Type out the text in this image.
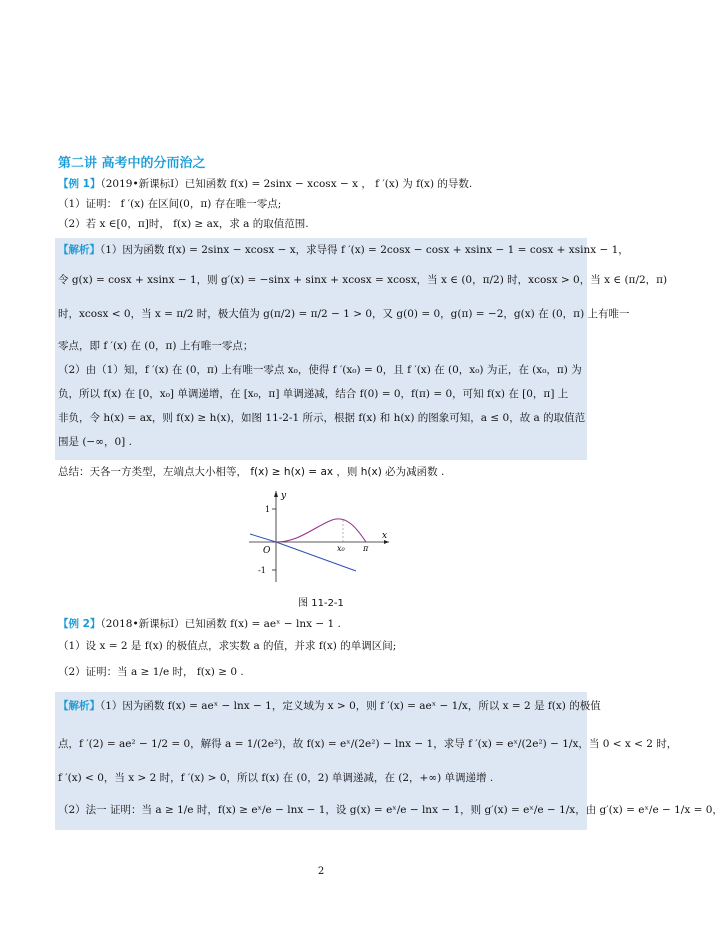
第二讲 高考中的分而治之
【例 1】（2019•新课标Ⅰ）已知函数 f(x) = 2sinx − xcosx − x ， f ′(x) 为 f(x) 的导数.
（1）证明： f ′(x) 在区间(0，π) 存在唯一零点;
（2）若 x ∈[0，π]时， f(x) ≥ ax，求 a 的取值范围.
【解析】（1）因为函数 f(x) = 2sinx − xcosx − x，求导得 f ′(x) = 2cosx − cosx + xsinx − 1 = cosx + xsinx − 1，
令 g(x) = cosx + xsinx − 1，则 g′(x) = −sinx + sinx + xcosx = xcosx，当 x ∈ (0，π/2) 时，xcosx > 0，当 x ∈ (π/2，π)
时，xcosx < 0，当 x = π/2 时，极大值为 g(π/2) = π/2 − 1 > 0，又 g(0) = 0，g(π) = −2，g(x) 在 (0，π) 上有唯一
零点，即 f ′(x) 在 (0，π) 上有唯一零点；
（2）由（1）知，f ′(x) 在 (0，π) 上有唯一零点 x₀，使得 f ′(x₀) = 0，且 f ′(x) 在 (0，x₀) 为正，在 (x₀，π) 为
负，所以 f(x) 在 [0，x₀] 单调递增，在 [x₀，π] 单调递减，结合 f(0) = 0，f(π) = 0，可知 f(x) 在 [0，π] 上
非负，令 h(x) = ax，则 f(x) ≥ h(x)，如图 11-2-1 所示，根据 f(x) 和 h(x) 的图象可知，a ≤ 0，故 a 的取值范
围是 (−∞，0] .
总结：天各一方类型，左端点大小相等， f(x) ≥ h(x) = ax ，则 h(x) 必为减函数 .
y
x
O
1
-1
x₀ π
图 11-2-1
【例 2】（2018•新课标Ⅰ）已知函数 f(x) = aeˣ − lnx − 1 .
（1）设 x = 2 是 f(x) 的极值点，求实数 a 的值，并求 f(x) 的单调区间;
（2）证明：当 a ≥ 1/e 时， f(x) ≥ 0 .
【解析】（1）因为函数 f(x) = aeˣ − lnx − 1，定义域为 x > 0，则 f ′(x) = aeˣ − 1/x，所以 x = 2 是 f(x) 的极值
点，f ′(2) = ae² − 1/2 = 0，解得 a = 1/(2e²)，故 f(x) = eˣ/(2e²) − lnx − 1，求导 f ′(x) = eˣ/(2e²) − 1/x，当 0 < x < 2 时，
f ′(x) < 0，当 x > 2 时，f ′(x) > 0，所以 f(x) 在 (0，2) 单调递减，在 (2，+∞) 单调递增 .
（2）法一 证明：当 a ≥ 1/e 时，f(x) ≥ eˣ/e − lnx − 1，设 g(x) = eˣ/e − lnx − 1，则 g′(x) = eˣ/e − 1/x，由 g′(x) = eˣ/e − 1/x = 0，
2
